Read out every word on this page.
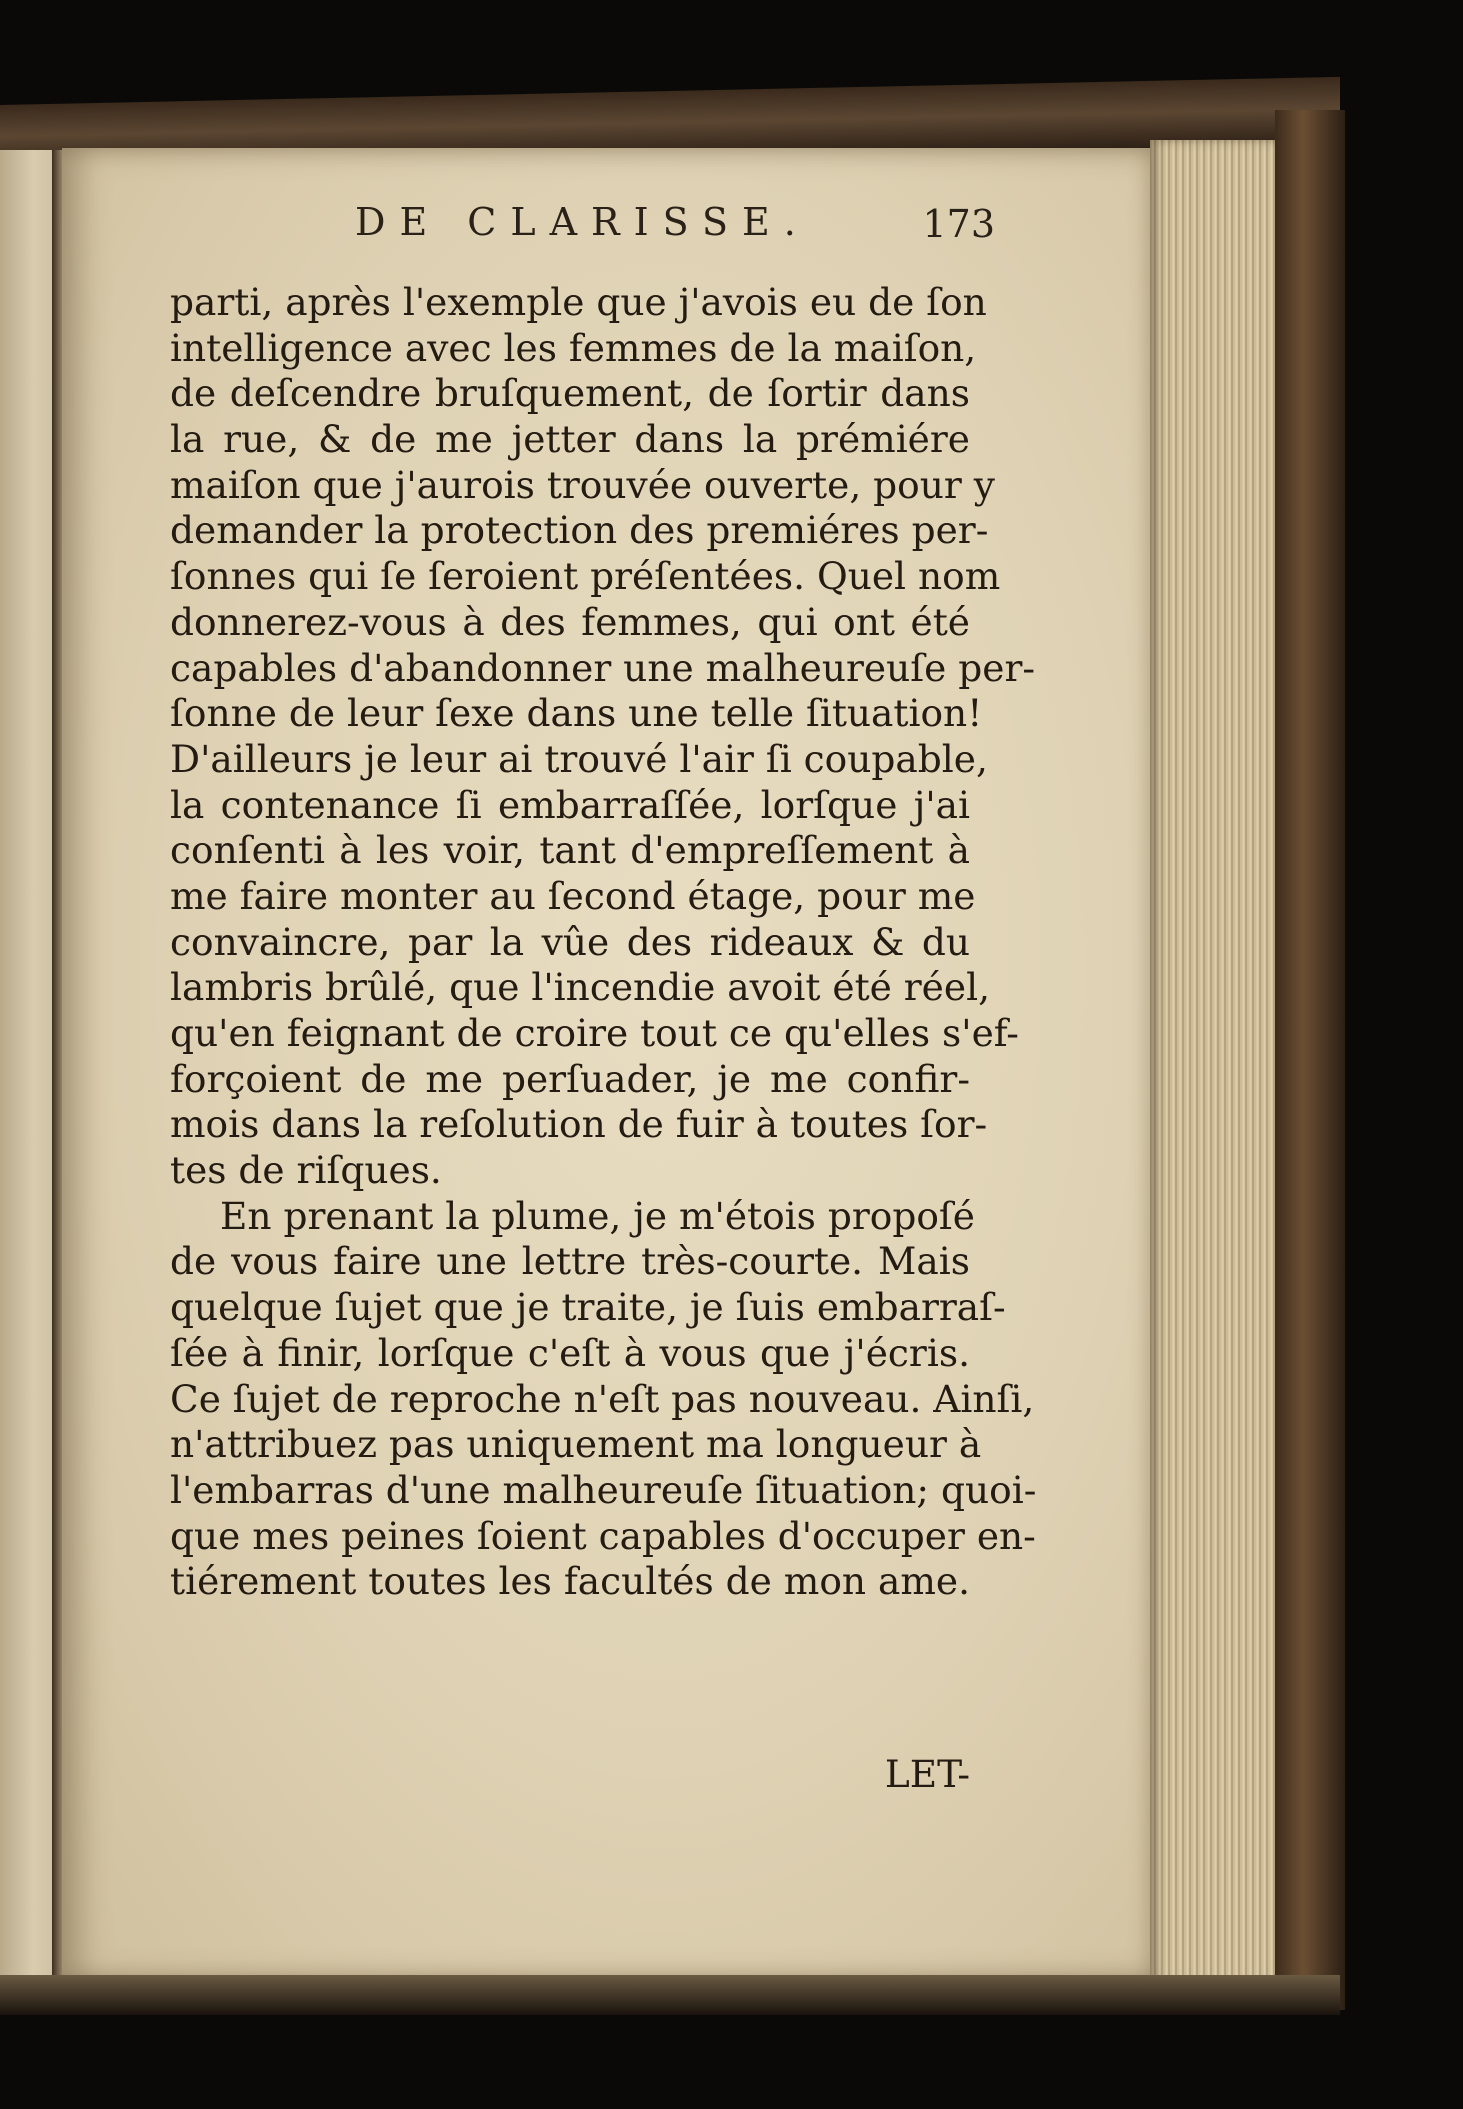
DE CLARISSE.	173
parti, après l'exemple que j'avois eu de ſon
intelligence avec les femmes de la maiſon,
de deſcendre bruſquement, de ſortir dans
la rue, & de me jetter dans la prémiére
maiſon que j'aurois trouvée ouverte, pour y
demander la protection des premiéres per-
ſonnes qui ſe ſeroient préſentées. Quel nom
donnerez-vous à des femmes, qui ont été
capables d'abandonner une malheureuſe per-
ſonne de leur ſexe dans une telle ſituation!
D'ailleurs je leur ai trouvé l'air ſi coupable,
la contenance ſi embarraſſée, lorſque j'ai
conſenti à les voir, tant d'empreſſement à
me faire monter au ſecond étage, pour me
convaincre, par la vûe des rideaux & du
lambris brûlé, que l'incendie avoit été réel,
qu'en feignant de croire tout ce qu'elles s'ef-
forçoient de me perſuader, je me confir-
mois dans la reſolution de fuir à toutes ſor-
tes de riſques.
En prenant la plume, je m'étois propoſé
de vous faire une lettre très-courte. Mais
quelque ſujet que je traite, je ſuis embarraſ-
ſée à finir, lorſque c'eſt à vous que j'écris.
Ce ſujet de reproche n'eſt pas nouveau. Ainſi,
n'attribuez pas uniquement ma longueur à
l'embarras d'une malheureuſe ſituation; quoi-
que mes peines ſoient capables d'occuper en-
tiérement toutes les facultés de mon ame.
LET-
